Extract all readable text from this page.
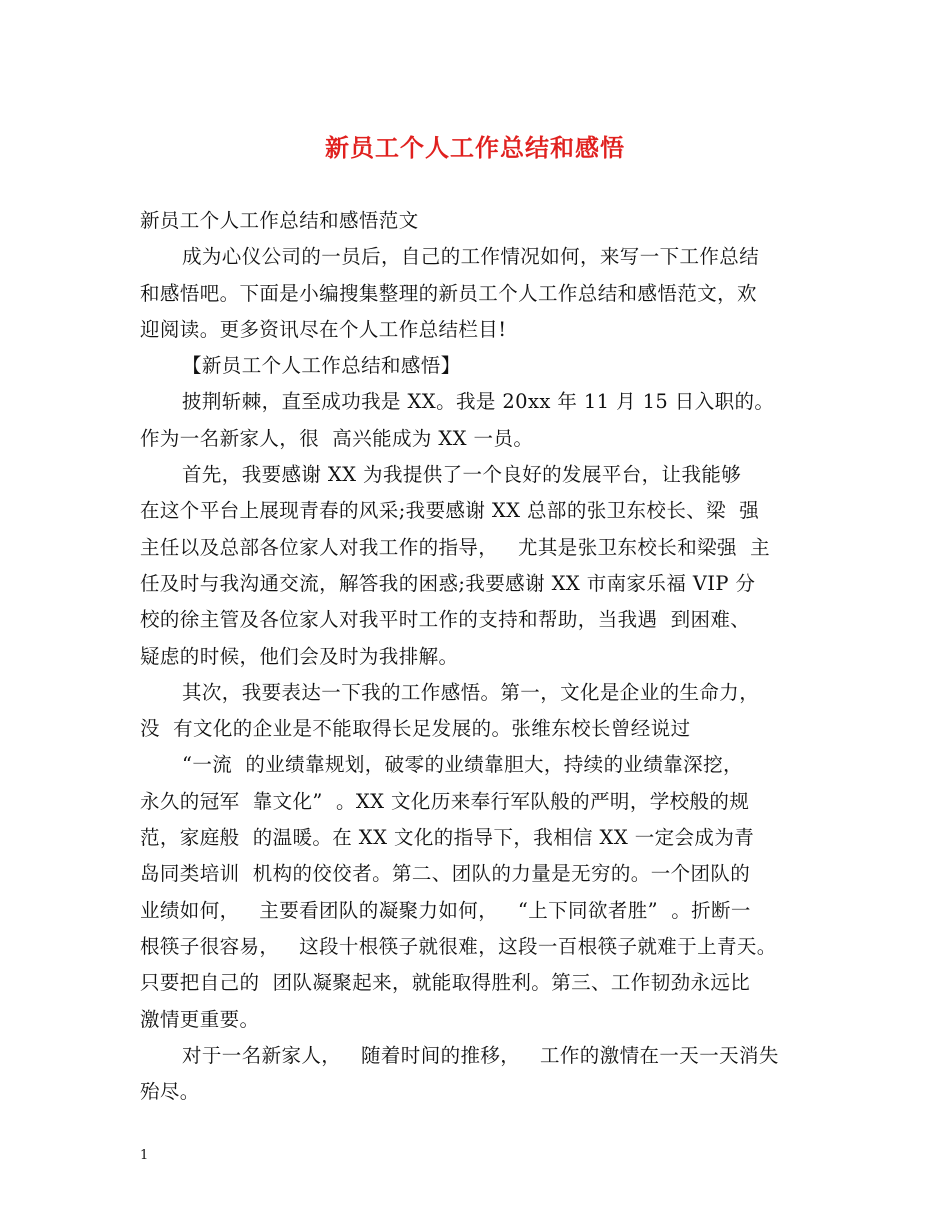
新员工个人工作总结和感悟
新员工个人工作总结和感悟范文
成为心仪公司的一员后，自己的工作情况如何，来写一下工作总结
和感悟吧。下面是小编搜集整理的新员工个人工作总结和感悟范文，欢
迎阅读。更多资讯尽在个人工作总结栏目!
【新员工个人工作总结和感悟】
披荆斩棘，直至成功我是 XX。我是 20xx 年 11 月 15 日入职的。
作为一名新家人，很  高兴能成为 XX 一员。
首先，我要感谢 XX 为我提供了一个良好的发展平台，让我能够
在这个平台上展现青春的风采;我要感谢 XX 总部的张卫东校长、梁  强
主任以及总部各位家人对我工作的指导，   尤其是张卫东校长和梁强  主
任及时与我沟通交流，解答我的困惑;我要感谢 XX 市南家乐福 VIP 分
校的徐主管及各位家人对我平时工作的支持和帮助，当我遇  到困难、
疑虑的时候，他们会及时为我排解。
其次，我要表达一下我的工作感悟。第一，文化是企业的生命力，
没  有文化的企业是不能取得长足发展的。张维东校长曾经说过
“一流  的业绩靠规划，破零的业绩靠胆大，持续的业绩靠深挖，
永久的冠军  靠文化”  。XX 文化历来奉行军队般的严明，学校般的规
范，家庭般  的温暖。在 XX 文化的指导下，我相信 XX 一定会成为青
岛同类培训  机构的佼佼者。第二、团队的力量是无穷的。一个团队的
业绩如何，   主要看团队的凝聚力如何，   “上下同欲者胜”  。折断一
根筷子很容易，   这段十根筷子就很难，这段一百根筷子就难于上青天。
只要把自己的  团队凝聚起来，就能取得胜利。第三、工作韧劲永远比
激情更重要。
对于一名新家人，   随着时间的推移，   工作的激情在一天一天消失
殆尽。
1
